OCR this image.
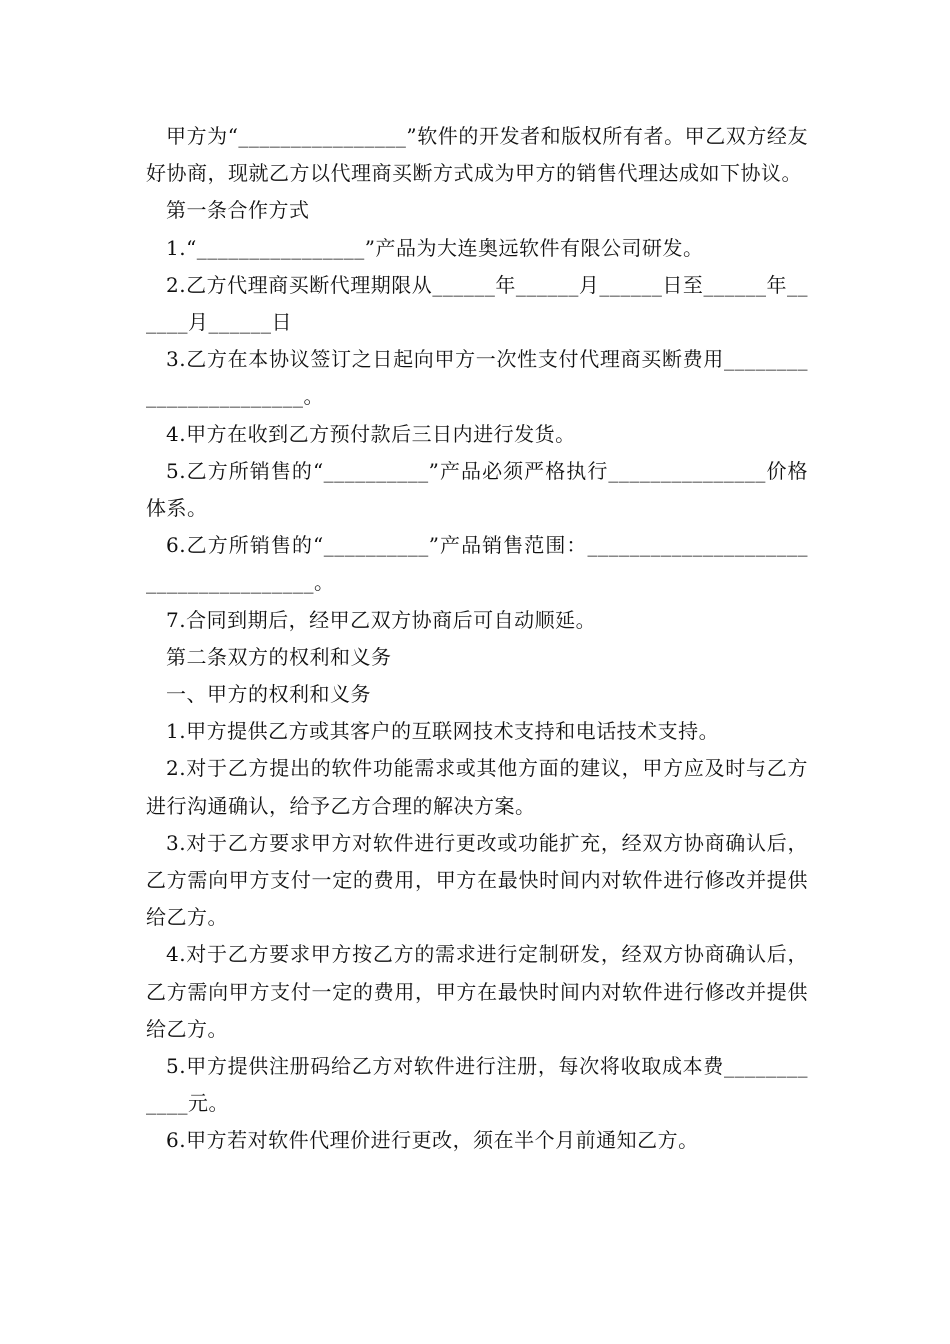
甲方为“________________”软件的开发者和版权所有者。甲乙双方经友好协商，现就乙方以代理商买断方式成为甲方的销售代理达成如下协议。

第一条合作方式

1.“________________”产品为大连奥远软件有限公司研发。

2.乙方代理商买断代理期限从______年______月______日至______年______月______日

3.乙方在本协议签订之日起向甲方一次性支付代理商买断费用_______________________。

4.甲方在收到乙方预付款后三日内进行发货。

5.乙方所销售的“__________”产品必须严格执行_______________价格体系。

6.乙方所销售的“__________”产品销售范围：_____________________________________。

7.合同到期后，经甲乙双方协商后可自动顺延。

第二条双方的权利和义务

一、甲方的权利和义务

1.甲方提供乙方或其客户的互联网技术支持和电话技术支持。

2.对于乙方提出的软件功能需求或其他方面的建议，甲方应及时与乙方进行沟通确认，给予乙方合理的解决方案。

3.对于乙方要求甲方对软件进行更改或功能扩充，经双方协商确认后，乙方需向甲方支付一定的费用，甲方在最快时间内对软件进行修改并提供给乙方。

4.对于乙方要求甲方按乙方的需求进行定制研发，经双方协商确认后，乙方需向甲方支付一定的费用，甲方在最快时间内对软件进行修改并提供给乙方。

5.甲方提供注册码给乙方对软件进行注册，每次将收取成本费____________元。

6.甲方若对软件代理价进行更改，须在半个月前通知乙方。
